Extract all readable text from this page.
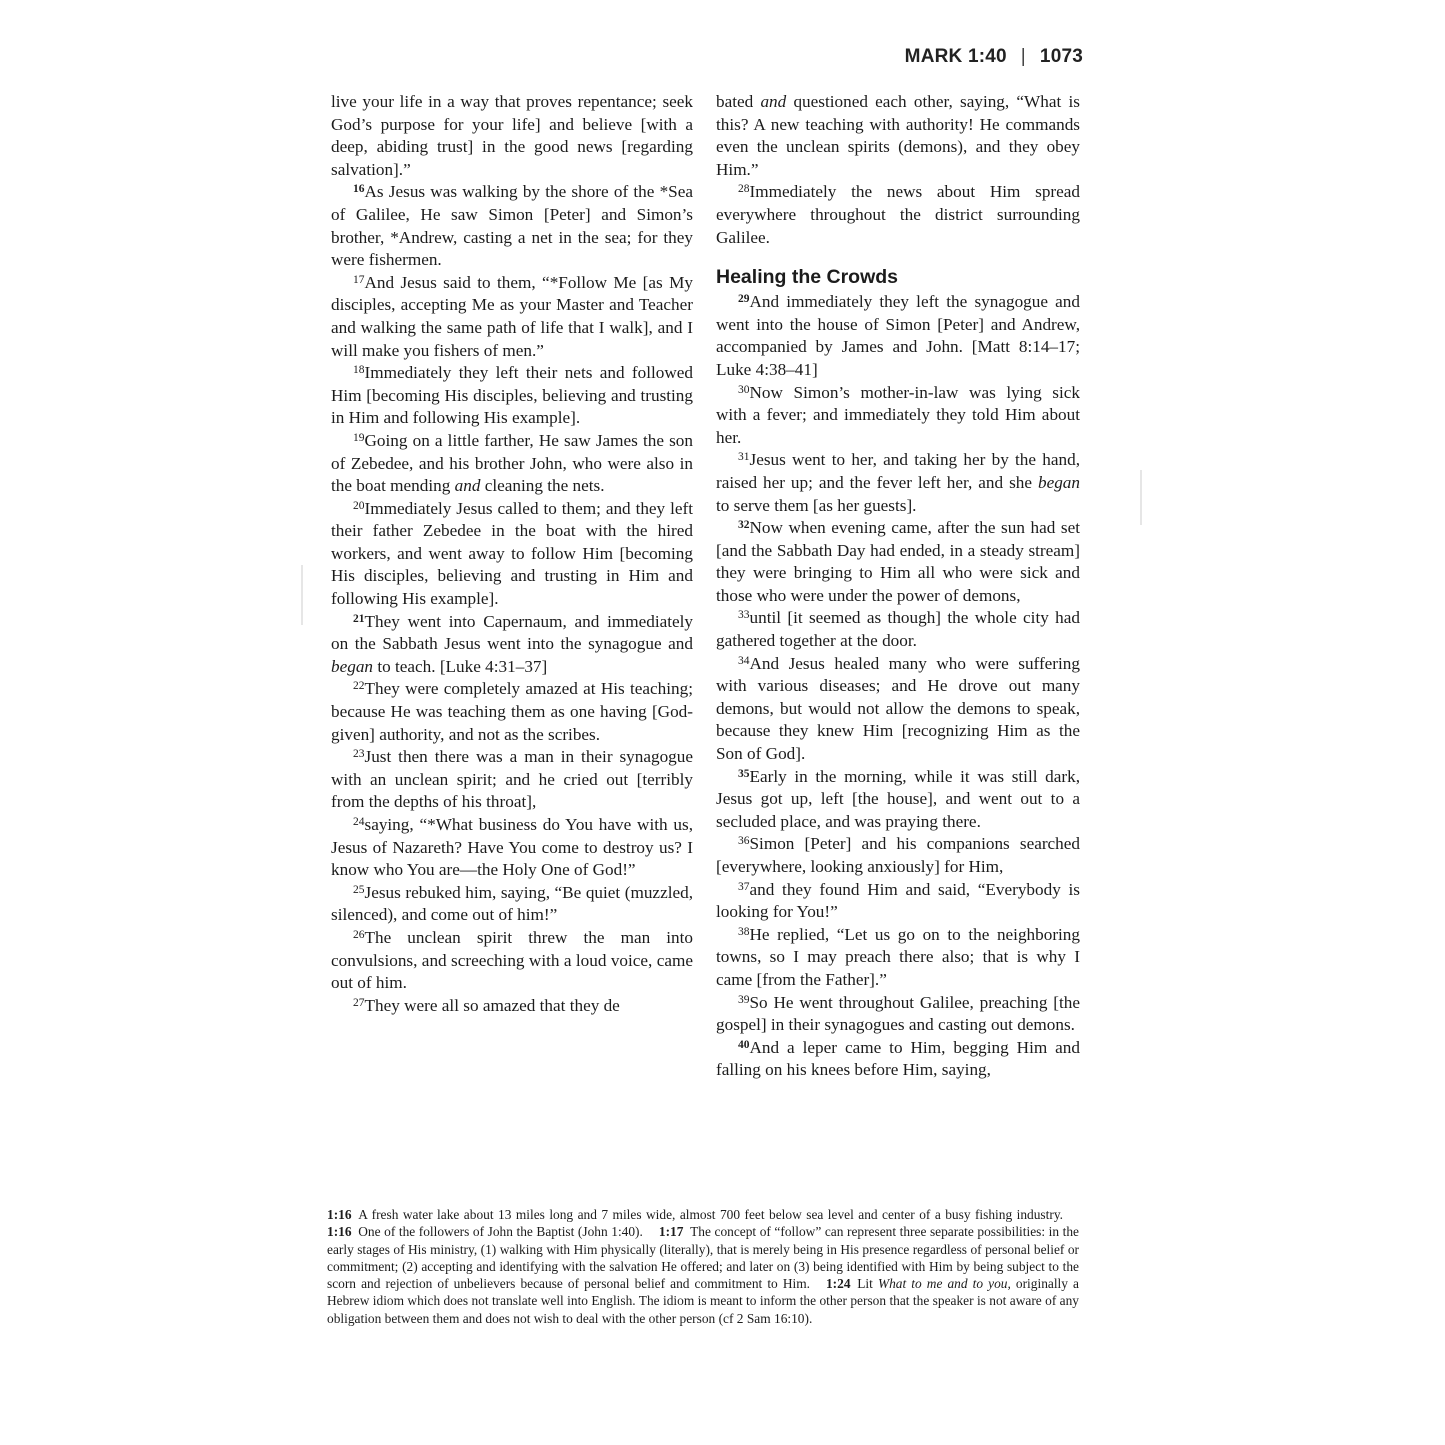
MARK 1:40 | 1073

live your life in a way that proves repentance; seek God’s purpose for your life] and believe [with a deep, abiding trust] in the good news [regarding salvation].”

$^{16}$As Jesus was walking by the shore of the *Sea of Galilee, He saw Simon [Peter] and Simon’s brother, *Andrew, casting a net in the sea; for they were fishermen.

$^{17}$And Jesus said to them, “*Follow Me [as My disciples, accepting Me as your Master and Teacher and walking the same path of life that I walk], and I will make you fishers of men.”

$^{18}$Immediately they left their nets and followed Him [becoming His disciples, believing and trusting in Him and following His example].

$^{19}$Going on a little farther, He saw James the son of Zebedee, and his brother John, who were also in the boat mending and cleaning the nets.

$^{20}$Immediately Jesus called to them; and they left their father Zebedee in the boat with the hired workers, and went away to follow Him [becoming His disciples, believing and trusting in Him and following His example].

$^{21}$They went into Capernaum, and immediately on the Sabbath Jesus went into the synagogue and began to teach. [Luke 4:31–37]

$^{22}$They were completely amazed at His teaching; because He was teaching them as one having [God-given] authority, and not as the scribes.

$^{23}$Just then there was a man in their synagogue with an unclean spirit; and he cried out [terribly from the depths of his throat],

$^{24}$saying, “*What business do You have with us, Jesus of Nazareth? Have You come to destroy us? I know who You are—the Holy One of God!”

$^{25}$Jesus rebuked him, saying, “Be quiet (muzzled, silenced), and come out of him!”

$^{26}$The unclean spirit threw the man into convulsions, and screeching with a loud voice, came out of him.

$^{27}$They were all so amazed that they de

bated and questioned each other, saying, “What is this? A new teaching with authority! He commands even the unclean spirits (demons), and they obey Him.”

$^{28}$Immediately the news about Him spread everywhere throughout the district surrounding Galilee.

Healing the Crowds

$^{29}$And immediately they left the synagogue and went into the house of Simon [Peter] and Andrew, accompanied by James and John. [Matt 8:14–17; Luke 4:38–41]

$^{30}$Now Simon’s mother-in-law was lying sick with a fever; and immediately they told Him about her.

$^{31}$Jesus went to her, and taking her by the hand, raised her up; and the fever left her, and she began to serve them [as her guests].

$^{32}$Now when evening came, after the sun had set [and the Sabbath Day had ended, in a steady stream] they were bringing to Him all who were sick and those who were under the power of demons,

$^{33}$until [it seemed as though] the whole city had gathered together at the door.

$^{34}$And Jesus healed many who were suffering with various diseases; and He drove out many demons, but would not allow the demons to speak, because they knew Him [recognizing Him as the Son of God].

$^{35}$Early in the morning, while it was still dark, Jesus got up, left [the house], and went out to a secluded place, and was praying there.

$^{36}$Simon [Peter] and his companions searched [everywhere, looking anxiously] for Him,

$^{37}$and they found Him and said, “Everybody is looking for You!”

$^{38}$He replied, “Let us go on to the neighboring towns, so I may preach there also; that is why I came [from the Father].”

$^{39}$So He went throughout Galilee, preaching [the gospel] in their synagogues and casting out demons.

$^{40}$And a leper came to Him, begging Him and falling on his knees before Him, saying,

1:16  A fresh water lake about 13 miles long and 7 miles wide, almost 700 feet below sea level and center of a busy fishing industry.1:16  One of the followers of John the Baptist (John 1:40). 1:17  The concept of “follow” can represent three separate possibilities: in the early stages of His ministry, (1) walking with Him physically (literally), that is merely being in His presence regardless of personal belief or commitment; (2) accepting and identifying with the salvation He offered; and later on (3) being identified with Him by being subject to the scorn and rejection of unbelievers because of personal belief and commitment to Him. 1:24  Lit What to me and to you, originally a Hebrew idiom which does not translate well into English. The idiom is meant to inform the other person that the speaker is not aware of any obligation between them and does not wish to deal with the other person (cf 2 Sam 16:10).
